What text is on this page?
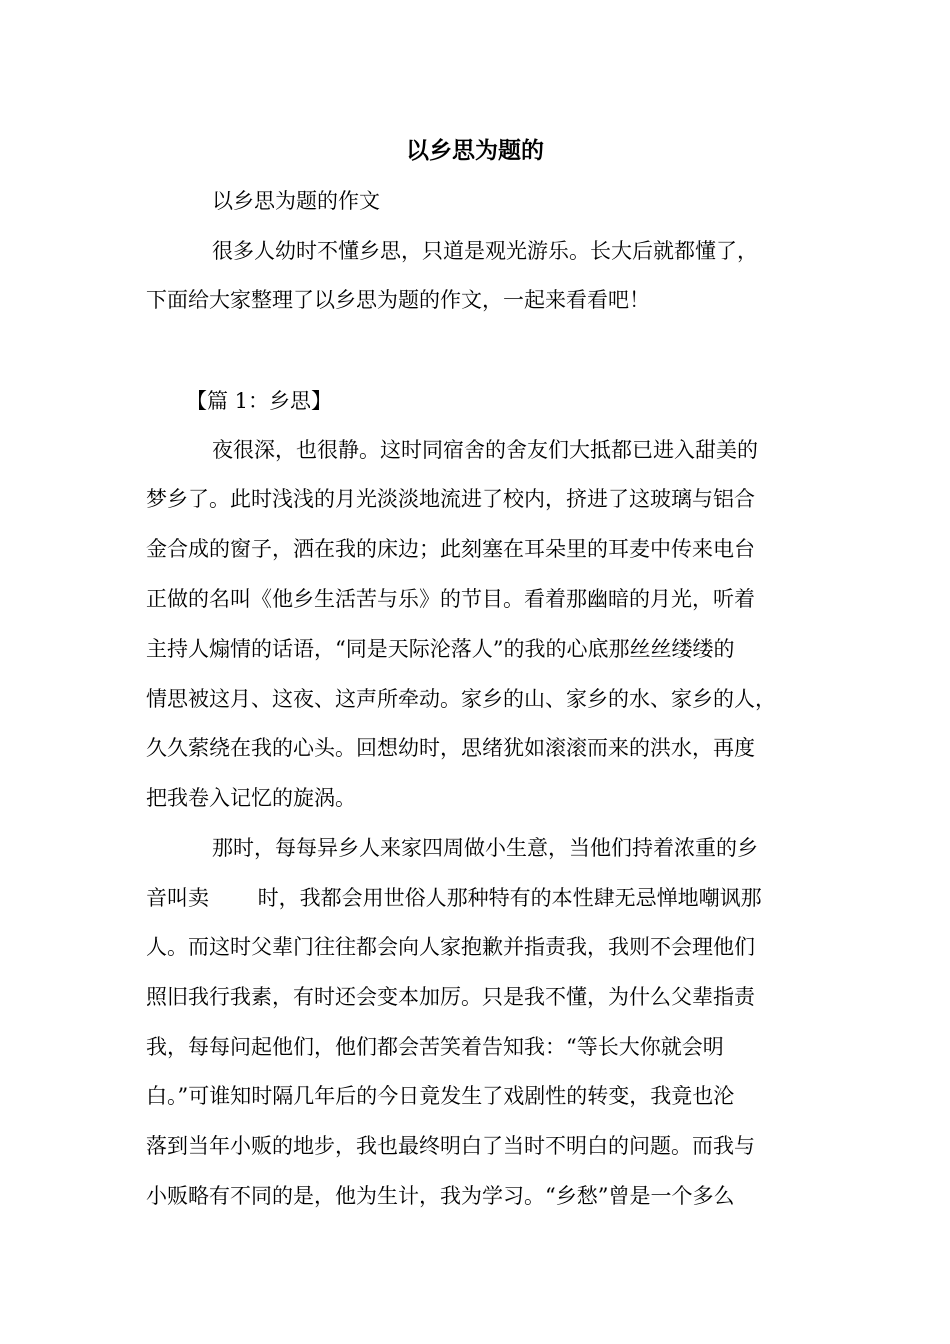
以乡思为题的
以乡思为题的作文
很多人幼时不懂乡思，只道是观光游乐。长大后就都懂了，
下面给大家整理了以乡思为题的作文，一起来看看吧！
【篇 1：乡思】
夜很深，也很静。这时同宿舍的舍友们大抵都已进入甜美的
梦乡了。此时浅浅的月光淡淡地流进了校内，挤进了这玻璃与铝合
金合成的窗子，洒在我的床边；此刻塞在耳朵里的耳麦中传来电台
正做的名叫《他乡生活苦与乐》的节目。看着那幽暗的月光，听着
主持人煽情的话语，“同是天际沦落人”的我的心底那丝丝缕缕的
情思被这月、这夜、这声所牵动。家乡的山、家乡的水、家乡的人，
久久萦绕在我的心头。回想幼时，思绪犹如滚滚而来的洪水，再度
把我卷入记忆的旋涡。
那时，每每异乡人来家四周做小生意，当他们持着浓重的乡
音叫卖　　 时，我都会用世俗人那种特有的本性肆无忌惮地嘲讽那
人。而这时父辈门往往都会向人家抱歉并指责我，我则不会理他们
照旧我行我素，有时还会变本加厉。只是我不懂，为什么父辈指责
我，每每问起他们，他们都会苦笑着告知我：“等长大你就会明
白。”可谁知时隔几年后的今日竟发生了戏剧性的转变，我竟也沦
落到当年小贩的地步，我也最终明白了当时不明白的问题。而我与
小贩略有不同的是，他为生计，我为学习。“乡愁”曾是一个多么
